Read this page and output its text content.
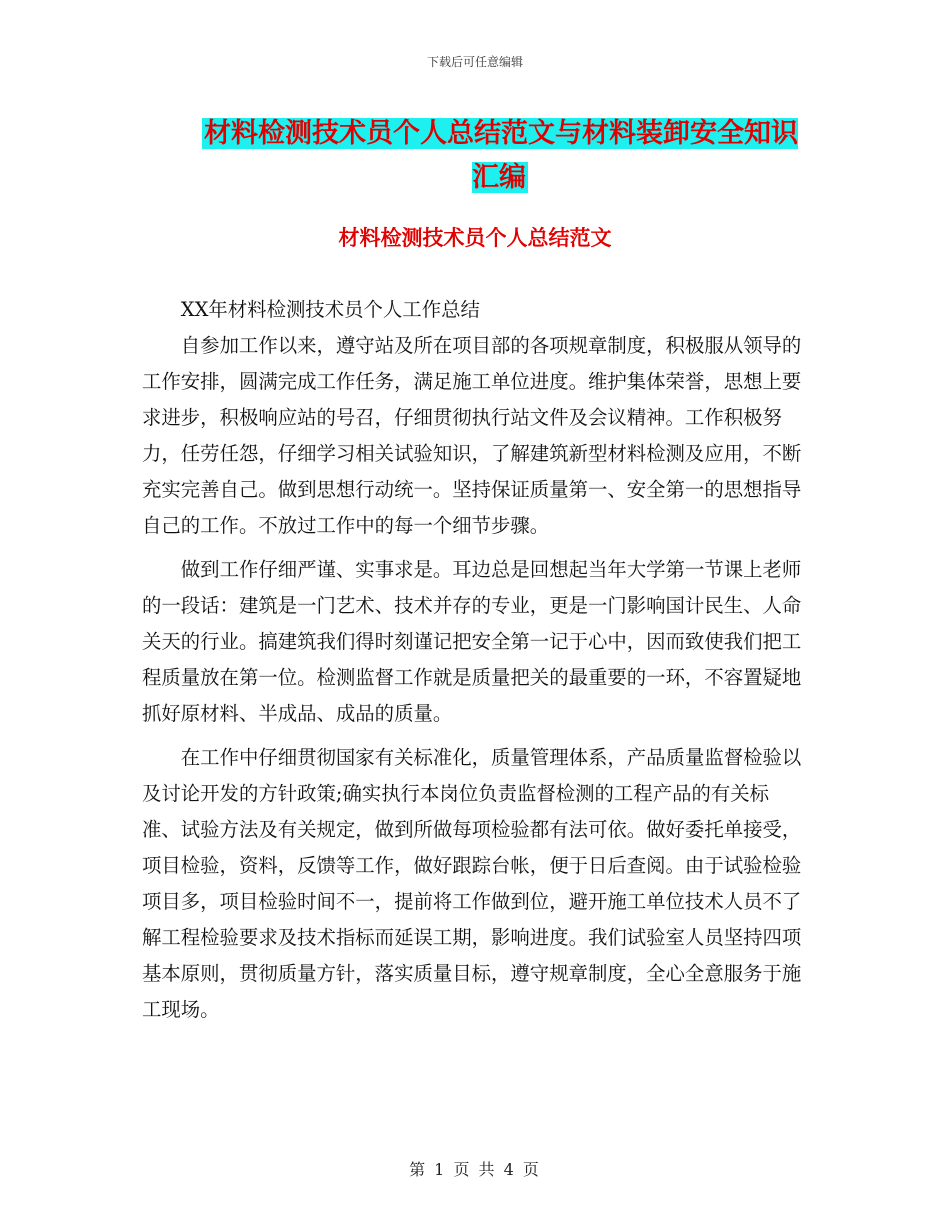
下载后可任意编辑
材料检测技术员个人总结范文与材料装卸安全知识汇编
材料检测技术员个人总结范文

XX年材料检测技术员个人工作总结

自参加工作以来，遵守站及所在项目部的各项规章制度，积极服从领导的工作安排，圆满完成工作任务，满足施工单位进度。维护集体荣誉，思想上要求进步，积极响应站的号召，仔细贯彻执行站文件及会议精神。工作积极努力，任劳任怨，仔细学习相关试验知识，了解建筑新型材料检测及应用，不断充实完善自己。做到思想行动统一。坚持保证质量第一、安全第一的思想指导自己的工作。不放过工作中的每一个细节步骤。

做到工作仔细严谨、实事求是。耳边总是回想起当年大学第一节课上老师的一段话：建筑是一门艺术、技术并存的专业，更是一门影响国计民生、人命关天的行业。搞建筑我们得时刻谨记把安全第一记于心中，因而致使我们把工程质量放在第一位。检测监督工作就是质量把关的最重要的一环，不容置疑地抓好原材料、半成品、成品的质量。

在工作中仔细贯彻国家有关标准化，质量管理体系，产品质量监督检验以及讨论开发的方针政策;确实执行本岗位负责监督检测的工程产品的有关标准、试验方法及有关规定，做到所做每项检验都有法可依。做好委托单接受，项目检验，资料，反馈等工作，做好跟踪台帐，便于日后查阅。由于试验检验项目多，项目检验时间不一，提前将工作做到位，避开施工单位技术人员不了解工程检验要求及技术指标而延误工期，影响进度。我们试验室人员坚持四项基本原则，贯彻质量方针，落实质量目标，遵守规章制度，全心全意服务于施工现场。

第 1 页 共 4 页
